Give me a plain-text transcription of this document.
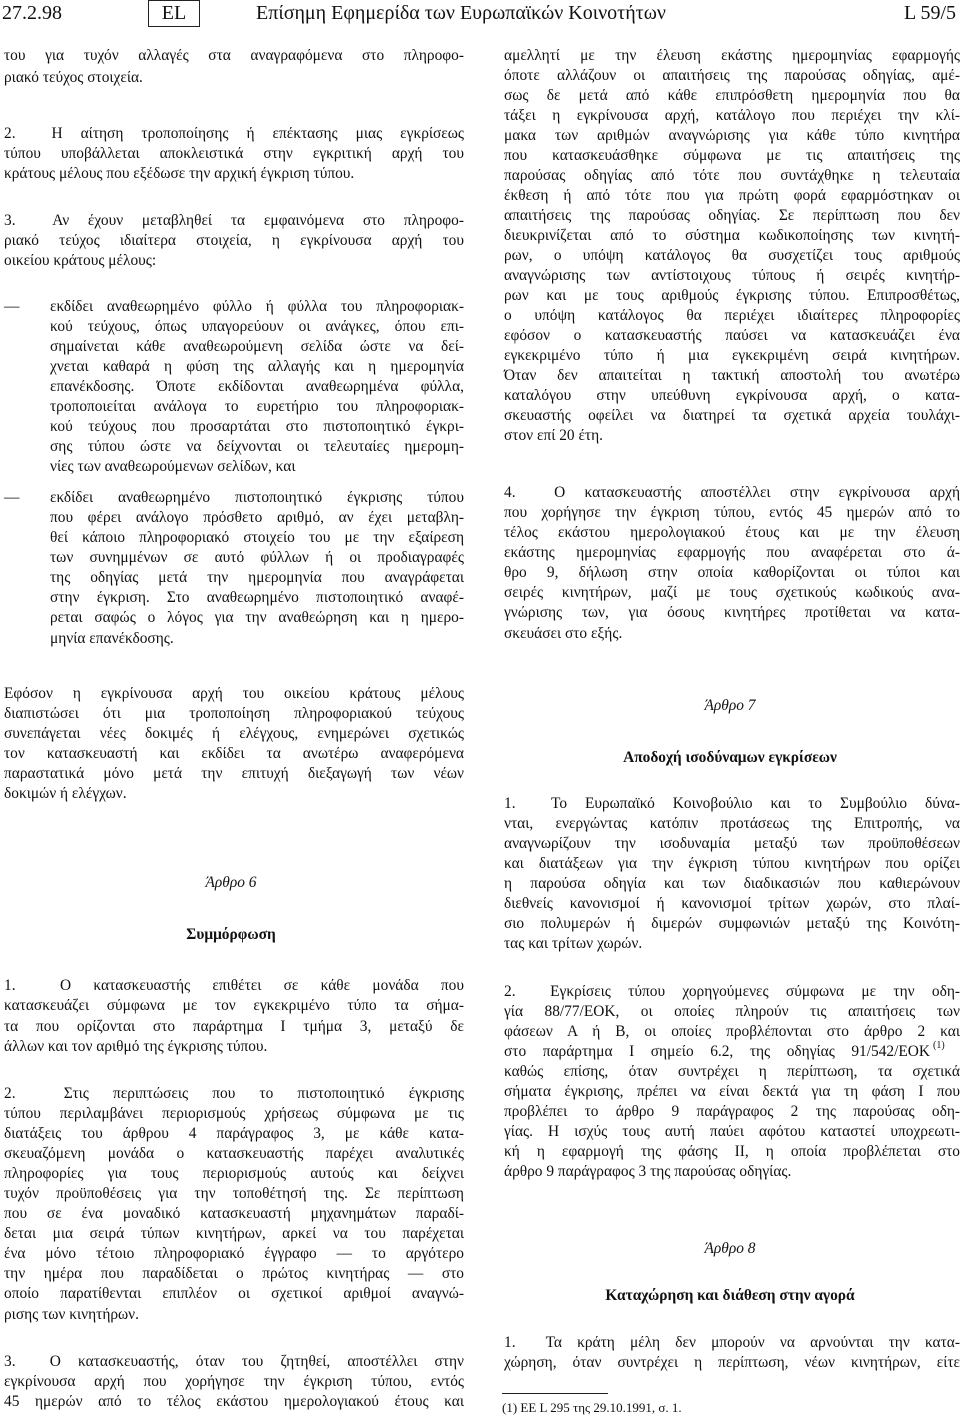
27.2.98	EL	Επίσημη Εφημερίδα των Ευρωπαϊκών Κοινοτήτων	L 59/5
του για τυχόν αλλαγές στα αναγραφόμενα στο πληροφο-
ριακό τεύχος στοιχεία.
2.  Η αίτηση τροποποίησης ή επέκτασης μιας εγκρίσεως
τύπου υποβάλλεται αποκλειστικά στην εγκριτική αρχή του
κράτους μέλους που εξέδωσε την αρχική έγκριση τύπου.
3.  Αν έχουν μεταβληθεί τα εμφαινόμενα στο πληροφο-
ριακό τεύχος ιδιαίτερα στοιχεία, η εγκρίνουσα αρχή του
οικείου κράτους μέλους:
εκδίδει αναθεωρημένο φύλλο ή φύλλα του πληροφοριακ-
κού τεύχους, όπως υπαγορεύουν οι ανάγκες, όπου επι-
σημαίνεται κάθε αναθεωρούμενη σελίδα ώστε να δεί-
χνεται καθαρά η φύση της αλλαγής και η ημερομηνία
επανέκδοσης. Όποτε εκδίδονται αναθεωρημένα φύλλα,
τροποποιείται ανάλογα το ευρετήριο του πληροφοριακ-
κού τεύχους που προσαρτάται στο πιστοποιητικό έγκρι-
σης τύπου ώστε να δείχνονται οι τελευταίες ημερομη-
νίες των αναθεωρούμενων σελίδων, και
εκδίδει αναθεωρημένο πιστοποιητικό έγκρισης τύπου
που φέρει ανάλογο πρόσθετο αριθμό, αν έχει μεταβλη-
θεί κάποιο πληροφοριακό στοιχείο του με την εξαίρεση
των συνημμένων σε αυτό φύλλων ή οι προδιαγραφές
της οδηγίας μετά την ημερομηνία που αναγράφεται
στην έγκριση. Στο αναθεωρημένο πιστοποιητικό αναφέ-
ρεται σαφώς ο λόγος για την αναθεώρηση και η ημερο-
μηνία επανέκδοσης.
Εφόσον η εγκρίνουσα αρχή του οικείου κράτους μέλους
διαπιστώσει ότι μια τροποποίηση πληροφοριακού τεύχους
συνεπάγεται νέες δοκιμές ή ελέγχους, ενημερώνει σχετικώς
τον κατασκευαστή και εκδίδει τα ανωτέρω αναφερόμενα
παραστατικά μόνο μετά την επιτυχή διεξαγωγή των νέων
δοκιμών ή ελέγχων.
Άρθρο 6
Συμμόρφωση
1.  Ο κατασκευαστής επιθέτει σε κάθε μονάδα που
κατασκευάζει σύμφωνα με τον εγκεκριμένο τύπο τα σήμα-
τα που ορίζονται στο παράρτημα Ι τμήμα 3, μεταξύ δε
άλλων και τον αριθμό της έγκρισης τύπου.
2.  Στις περιπτώσεις που το πιστοποιητικό έγκρισης
τύπου περιλαμβάνει περιορισμούς χρήσεως σύμφωνα με τις
διατάξεις του άρθρου 4 παράγραφος 3, με κάθε κατα-
σκευαζόμενη μονάδα ο κατασκευαστής παρέχει αναλυτικές
πληροφορίες για τους περιορισμούς αυτούς και δείχνει
τυχόν προϋποθέσεις για την τοποθέτησή της. Σε περίπτωση
που σε ένα μοναδικό κατασκευαστή μηχανημάτων παραδί-
δεται μια σειρά τύπων κινητήρων, αρκεί να του παρέχεται
ένα μόνο τέτοιο πληροφοριακό έγγραφο — το αργότερο
την ημέρα που παραδίδεται ο πρώτος κινητήρας — στο
οποίο παρατίθενται επιπλέον οι σχετικοί αριθμοί αναγνώ-
ρισης των κινητήρων.
3.  Ο κατασκευαστής, όταν του ζητηθεί, αποστέλλει στην
εγκρίνουσα αρχή που χορήγησε την έγκριση τύπου, εντός
45 ημερών από το τέλος εκάστου ημερολογιακού έτους και
—
—
αμελλητί με την έλευση εκάστης ημερομηνίας εφαρμογής
όποτε αλλάζουν οι απαιτήσεις της παρούσας οδηγίας, αμέ-
σως δε μετά από κάθε επιπρόσθετη ημερομηνία που θα
τάξει η εγκρίνουσα αρχή, κατάλογο που περιέχει την κλί-
μακα των αριθμών αναγνώρισης για κάθε τύπο κινητήρα
που κατασκευάσθηκε σύμφωνα με τις απαιτήσεις της
παρούσας οδηγίας από τότε που συντάχθηκε η τελευταία
έκθεση ή από τότε που για πρώτη φορά εφαρμόστηκαν οι
απαιτήσεις της παρούσας οδηγίας. Σε περίπτωση που δεν
διευκρινίζεται από το σύστημα κωδικοποίησης των κινητή-
ρων, ο υπόψη κατάλογος θα συσχετίζει τους αριθμούς
αναγνώρισης των αντίστοιχους τύπους ή σειρές κινητήρ-
ρων και με τους αριθμούς έγκρισης τύπου. Επιπροσθέτως,
ο υπόψη κατάλογος θα περιέχει ιδιαίτερες πληροφορίες
εφόσον ο κατασκευαστής παύσει να κατασκευάζει ένα
εγκεκριμένο τύπο ή μια εγκεκριμένη σειρά κινητήρων.
Όταν δεν απαιτείται η τακτική αποστολή του ανωτέρω
καταλόγου στην υπεύθυνη εγκρίνουσα αρχή, ο κατα-
σκευαστής οφείλει να διατηρεί τα σχετικά αρχεία τουλάχι-
στον επί 20 έτη.
4.  Ο κατασκευαστής αποστέλλει στην εγκρίνουσα αρχή
που χορήγησε την έγκριση τύπου, εντός 45 ημερών από το
τέλος εκάστου ημερολογιακού έτους και με την έλευση
εκάστης ημερομηνίας εφαρμογής που αναφέρεται στο ά-
θρο 9, δήλωση στην οποία καθορίζονται οι τύποι και
σειρές κινητήρων, μαζί με τους σχετικούς κωδικούς ανα-
γνώρισης των, για όσους κινητήρες προτίθεται να κατα-
σκευάσει στο εξής.
Άρθρο 7
Αποδοχή ισοδύναμων εγκρίσεων
1.  Το Ευρωπαϊκό Κοινοβούλιο και το Συμβούλιο δύνα-
νται, ενεργώντας κατόπιν προτάσεως της Επιτροπής, να
αναγνωρίζουν την ισοδυναμία μεταξύ των προϋποθέσεων
και διατάξεων για την έγκριση τύπου κινητήρων που ορίζει
η παρούσα οδηγία και των διαδικασιών που καθιερώνουν
διεθνείς κανονισμοί ή κανονισμοί τρίτων χωρών, στο πλαί-
σιο πολυμερών ή διμερών συμφωνιών μεταξύ της Κοινότη-
τας και τρίτων χωρών.
2.  Εγκρίσεις τύπου χορηγούμενες σύμφωνα με την οδη-
γία 88/77/ΕΟΚ, οι οποίες πληρούν τις απαιτήσεις των
φάσεων Α ή Β, οι οποίες προβλέπονται στο άρθρο 2 και
στο παράρτημα Ι σημείο 6.2, της οδηγίας 91/542/ΕΟΚ
καθώς επίσης, όταν συντρέχει η περίπτωση, τα σχετικά
σήματα έγκρισης, πρέπει να είναι δεκτά για τη φάση Ι που
προβλέπει το άρθρο 9 παράγραφος 2 της παρούσας οδη-
γίας. Η ισχύς τους αυτή παύει αφότου καταστεί υποχρεωτι-
κή η εφαρμογή της φάσης ΙΙ, η οποία προβλέπεται στο
άρθρο 9 παράγραφος 3 της παρούσας οδηγίας.
Άρθρο 8
Καταχώρηση και διάθεση στην αγορά
1.  Τα κράτη μέλη δεν μπορούν να αρνούνται την κατα-
χώρηση, όταν συντρέχει η περίπτωση, νέων κινητήρων, είτε
(1)
(1) ΕΕ L 295 της 29.10.1991, σ. 1.
